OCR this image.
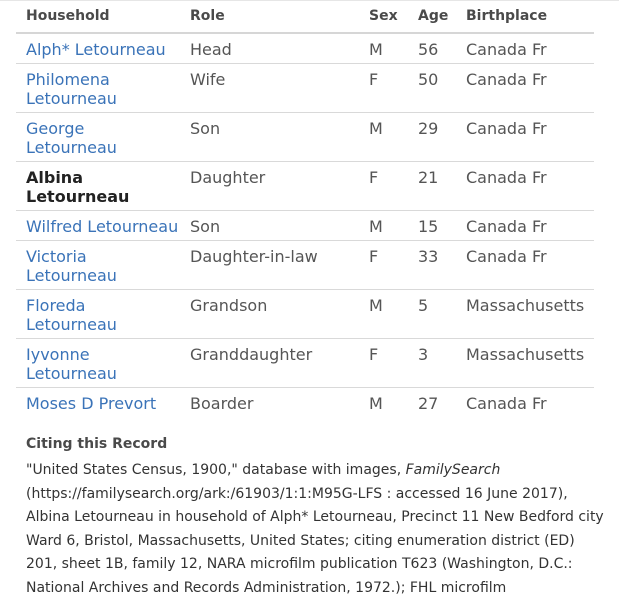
Household	Role	Sex	Age	Birthplace
Alph* Letourneau	Head	M	56	Canada Fr
Philomena Letourneau	Wife	F	50	Canada Fr
George Letourneau	Son	M	29	Canada Fr
Albina Letourneau	Daughter	F	21	Canada Fr
Wilfred Letourneau	Son	M	15	Canada Fr
Victoria Letourneau	Daughter-in-law	F	33	Canada Fr
Floreda Letourneau	Grandson	M	5	Massachusetts
Iyvonne Letourneau	Granddaughter	F	3	Massachusetts
Moses D Prevort	Boarder	M	27	Canada Fr
Citing this Record

"United States Census, 1900," database with images, FamilySearch (https://familysearch.org/ark:/61903/1:1:M95G-LFS : accessed 16 June 2017), Albina Letourneau in household of Alph* Letourneau, Precinct 11 New Bedford city Ward 6, Bristol, Massachusetts, United States; citing enumeration district (ED) 201, sheet 1B, family 12, NARA microfilm publication T623 (Washington, D.C.: National Archives and Records Administration, 1972.); FHL microfilm
